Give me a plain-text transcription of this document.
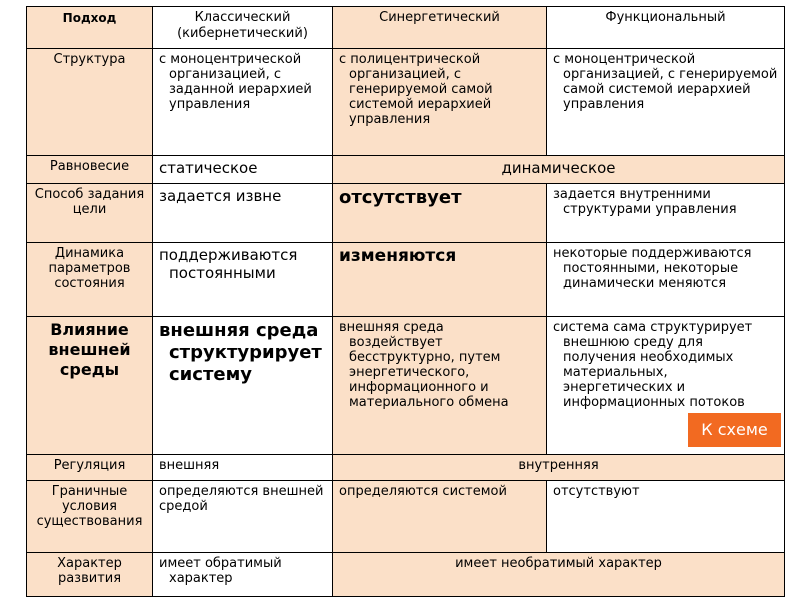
Подход	Классический (кибернетический)	Синергетический	Функциональный
Структура	с моноцентрической организацией, с заданной иерархией управления	с полицентрической организацией, с генерируемой самой системой иерархией управления	с моноцентрической организацией, с генерируемой самой системой иерархией управления

Равновесие	статическое	динамическое	
Способ задания цели	задается извне	отсутствует	задается внутренними структурами управления

Динамика параметров состояния	поддерживаются постоянными	изменяются	некоторые поддерживаются постоянными, некоторые динамически меняются

Влияние внешней среды	внешняя среда структурирует систему	внешняя среда воздействует бесструктурно, путем энергетического, информационного и материального обмена	система сама структурирует внешнюю среду для получения необходимых материальных, энергетических и информационных потоков

Регуляция	внешняя	внутренняя	
Граничные условия существования	определяются внешней средой	определяются системой	отсутствуют
Характер развития	имеет обратимый характер	имеет необратимый характер	
К схеме
